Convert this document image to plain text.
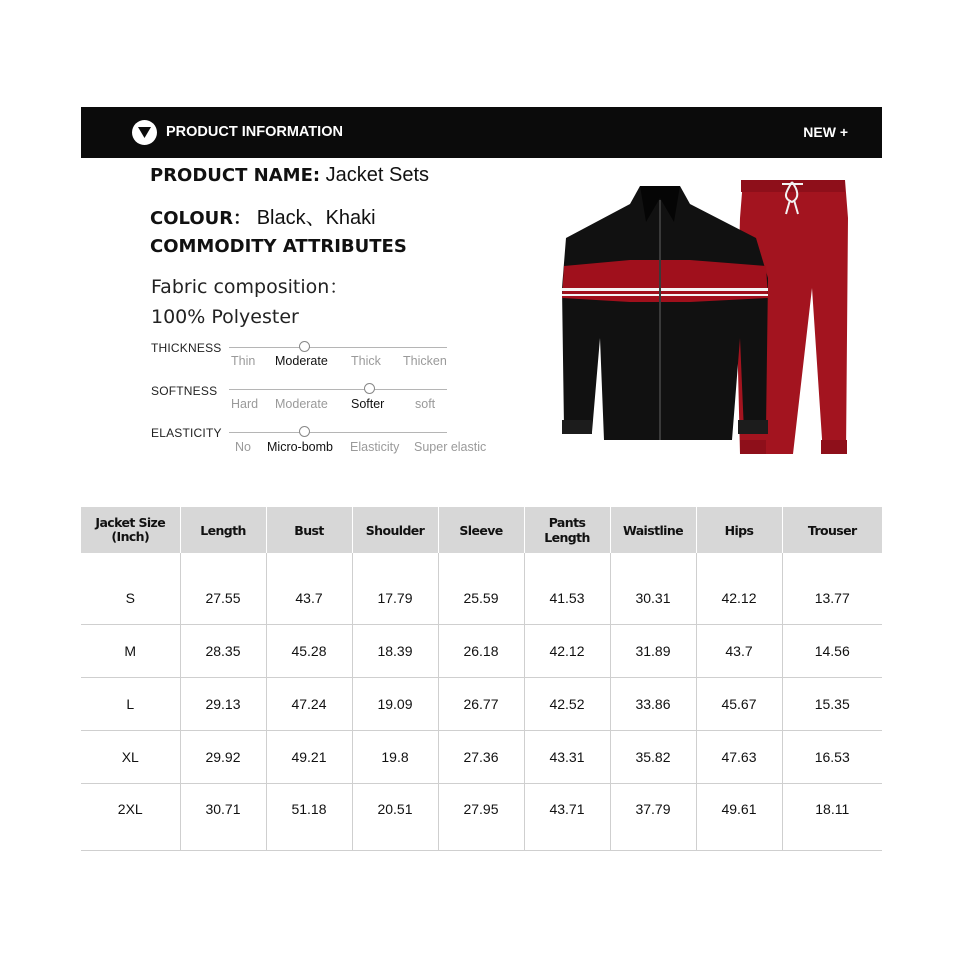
PRODUCT INFORMATION	NEW +
PRODUCT NAME: Jacket Sets
COLOUR： Black、Khaki
COMMODITY ATTRIBUTES
Fabric composition：
100% Polyester
THICKNESS
Thin Moderate Thick Thicken
SOFTNESS
Hard Moderate Softer soft
ELASTICITY
No Micro-bomb Elasticity Super elastic
Jacket Size
(Inch)	Length	Bust	Shoulder	Sleeve	Pants Length	Waistline	Hips	Trouser
S	27.55	43.7	17.79	25.59	41.53	30.31	42.12	13.77
M	28.35	45.28	18.39	26.18	42.12	31.89	43.7	14.56
L	29.13	47.24	19.09	26.77	42.52	33.86	45.67	15.35
XL	29.92	49.21	19.8	27.36	43.31	35.82	47.63	16.53
2XL	30.71	51.18	20.51	27.95	43.71	37.79	49.61	18.11
